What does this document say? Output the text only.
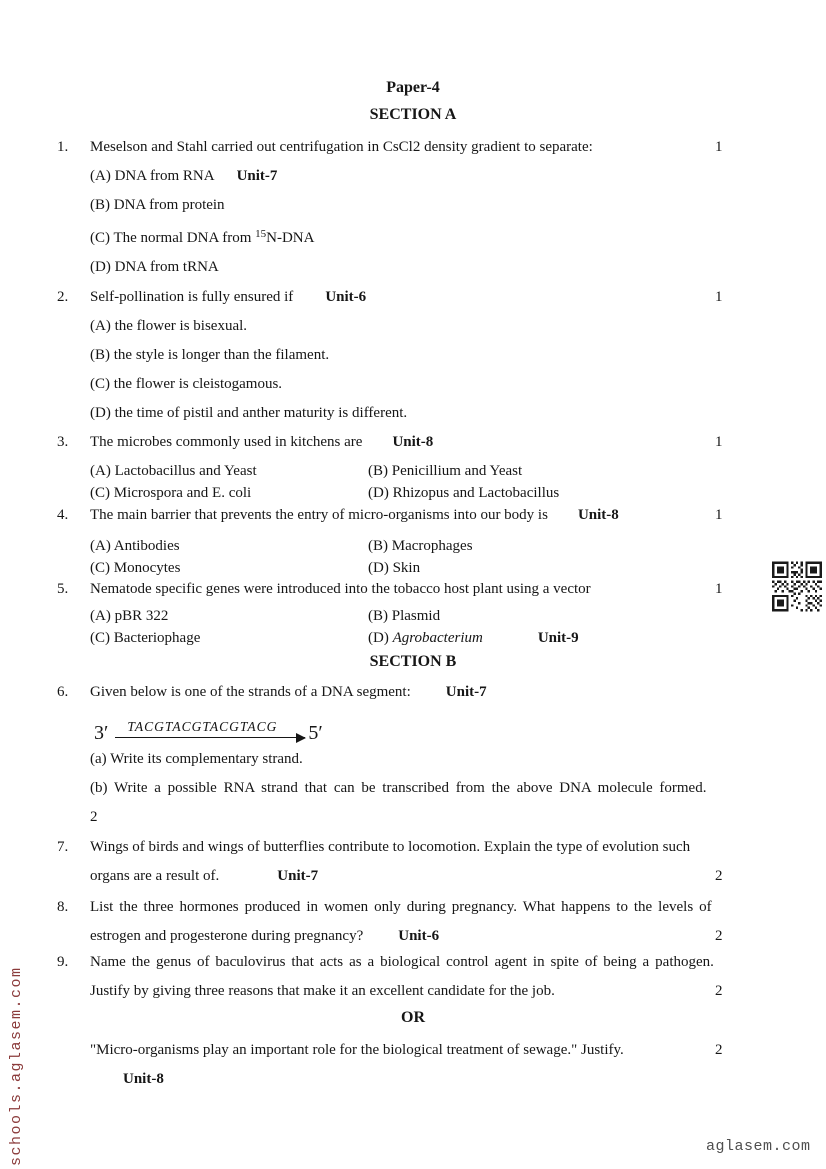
Paper-4
SECTION A
1.	1
Meselson and Stahl carried out centrifugation in CsCl2 density gradient to separate:
(A) DNA from RNA Unit-7
(B) DNA from protein
(C) The normal DNA from $^{15}$N-DNA
(D) DNA from tRNA
2.	1
Self-pollination is fully ensured if Unit-6
(A) the flower is bisexual.
(B) the style is longer than the filament.
(C) the flower is cleistogamous.
(D) the time of pistil and anther maturity is different.
3.	1
The microbes commonly used in kitchens are Unit-8
(A) Lactobacillus and Yeast	(B) Penicillium and Yeast
(C) Microspora and E. coli	(D) Rhizopus and Lactobacillus
4.	1
The main barrier that prevents the entry of micro-organisms into our body is Unit-8
(A) Antibodies	(B) Macrophages
(C) Monocytes	(D) Skin
5.	1
Nematode specific genes were introduced into the tobacco host plant using a vector
(A) pBR 322	(B) Plasmid
(C) Bacteriophage	(D) Agrobacterium	Unit-9
SECTION B
6. Given below is one of the strands of a DNA segment: Unit-7
3′	TACGTACGTACGTACG	5′
(a) Write its complementary strand.
(b) Write a possible RNA strand that can be transcribed from the above DNA molecule formed.
2
7.
2
Wings of birds and wings of butterflies contribute to locomotion. Explain the type of evolution such
organs are a result of.	Unit-7
8.
2
List the three hormones produced in women only during pregnancy. What happens to the levels of
estrogen and progesterone during pregnancy? Unit-6
9.
2
Name the genus of baculovirus that acts as a biological control agent in spite of being a pathogen.
Justify by giving three reasons that make it an excellent candidate for the job.
OR
2
"Micro-organisms play an important role for the biological treatment of sewage." Justify.
Unit-8
schools.aglasem.com	aglasem.com
